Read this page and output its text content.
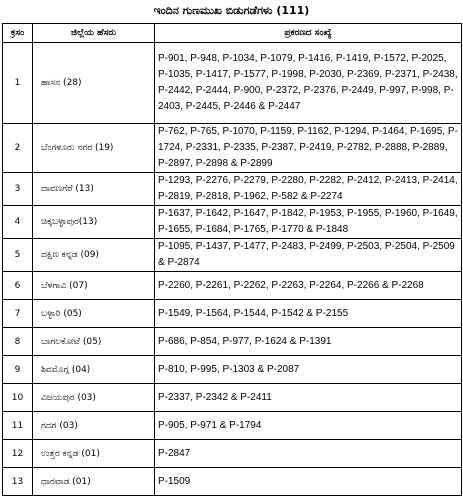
ಇಂದಿನ ಗುಣಮುಖ ಬಿಡುಗಡೆಗಳು (111)
ಕ್ರಸಂ	ಜಿಲ್ಲೆಯ ಹೆಸರು	ಪ್ರಕರಣದ ಸಂಖ್ಯೆ
1	ಹಾಸನ (28)	P-901, P-948, P-1034, P-1079, P-1416, P-1419, P-1572, P-2025, P-1035, P-1417, P-1577, P-1998, P-2030, P-2369, P-2371, P-2438, P-2442, P-2444, P-900, P-2372, P-2376, P-2449, P-997, P-998, P-2403, P-2445, P-2446 & P-2447
2	ಬೆಂಗಳೂರು ನಗರ (19)	P-762, P-765, P-1070, P-1159, P-1162, P-1294, P-1464, P-1695, P-1724, P-2331, P-2335, P-2387, P-2419, P-2782, P-2888, P-2889, P-2897, P-2898 & P-2899
3	ದಾವಣಗೆರೆ (13)	P-1293, P-2276, P-2279, P-2280, P-2282, P-2412, P-2413, P-2414, P-2819, P-2818, P-1962, P-582 & P-2274
4	ಚಿಕ್ಕಬಳ್ಳಾಪುರ(13)	P-1637, P-1642, P-1647, P-1842, P-1953, P-1955, P-1960, P-1649, P-1655, P-1684, P-1765, P-1770 & P-1848
5	ದಕ್ಷಿಣ ಕನ್ನಡ (09)	P-1095, P-1437, P-1477, P-2483, P-2499, P-2503, P-2504, P-2509 & P-2874
6	ಬೆಳಗಾವಿ (07)	P-2260, P-2261, P-2262, P-2263, P-2264, P-2266 & P-2268
7	ಬಳ್ಳಾರಿ (05)	P-1549, P-1564, P-1544, P-1542 & P-2155
8	ಬಾಗಲಕೋಟೆ (05)	P-686, P-854, P-977, P-1624 & P-1391
9	ಶಿವಮೊಗ್ಗ (04)	P-810, P-995, P-1303 & P-2087
10	ವಿಜಯಪುರ (03)	P-2337, P-2342 & P-2411
11	ಗದಗ (03)	P-905, P-971 & P-1794
12	ಉತ್ತರ ಕನ್ನಡ (01)	P-2847
13	ಧಾರವಾಡ (01)	P-1509
